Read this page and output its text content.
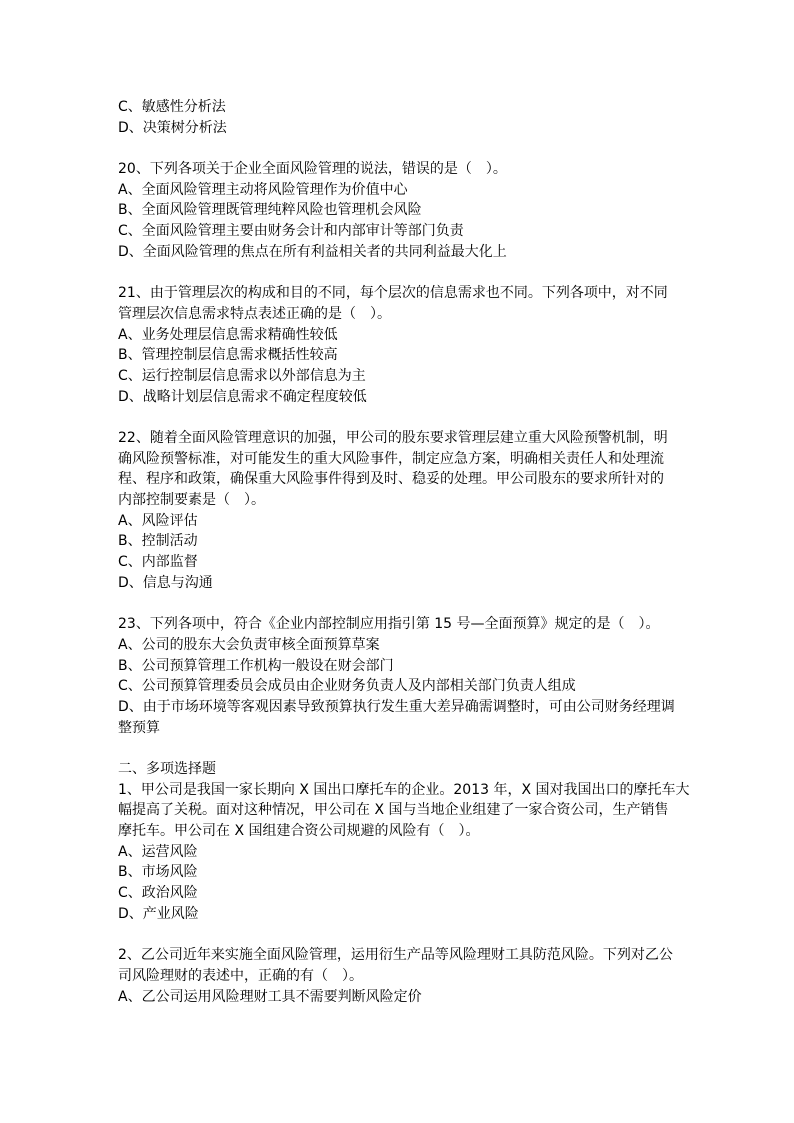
C、敏感性分析法
D、决策树分析法
20、下列各项关于企业全面风险管理的说法，错误的是（　）。
A、全面风险管理主动将风险管理作为价值中心
B、全面风险管理既管理纯粹风险也管理机会风险
C、全面风险管理主要由财务会计和内部审计等部门负责
D、全面风险管理的焦点在所有利益相关者的共同利益最大化上
21、由于管理层次的构成和目的不同，每个层次的信息需求也不同。下列各项中，对不同
管理层次信息需求特点表述正确的是（　）。
A、业务处理层信息需求精确性较低
B、管理控制层信息需求概括性较高
C、运行控制层信息需求以外部信息为主
D、战略计划层信息需求不确定程度较低
22、随着全面风险管理意识的加强，甲公司的股东要求管理层建立重大风险预警机制，明
确风险预警标准，对可能发生的重大风险事件，制定应急方案，明确相关责任人和处理流
程、程序和政策，确保重大风险事件得到及时、稳妥的处理。甲公司股东的要求所针对的
内部控制要素是（　）。
A、风险评估
B、控制活动
C、内部监督
D、信息与沟通
23、下列各项中，符合《企业内部控制应用指引第 15 号—全面预算》规定的是（　）。
A、公司的股东大会负责审核全面预算草案
B、公司预算管理工作机构一般设在财会部门
C、公司预算管理委员会成员由企业财务负责人及内部相关部门负责人组成
D、由于市场环境等客观因素导致预算执行发生重大差异确需调整时，可由公司财务经理调
整预算
二、多项选择题
1、甲公司是我国一家长期向 X 国出口摩托车的企业。2013 年，X 国对我国出口的摩托车大
幅提高了关税。面对这种情况，甲公司在 X 国与当地企业组建了一家合资公司，生产销售
摩托车。甲公司在 X 国组建合资公司规避的风险有（　）。
A、运营风险
B、市场风险
C、政治风险
D、产业风险
2、乙公司近年来实施全面风险管理，运用衍生产品等风险理财工具防范风险。下列对乙公
司风险理财的表述中，正确的有（　）。
A、乙公司运用风险理财工具不需要判断风险定价
